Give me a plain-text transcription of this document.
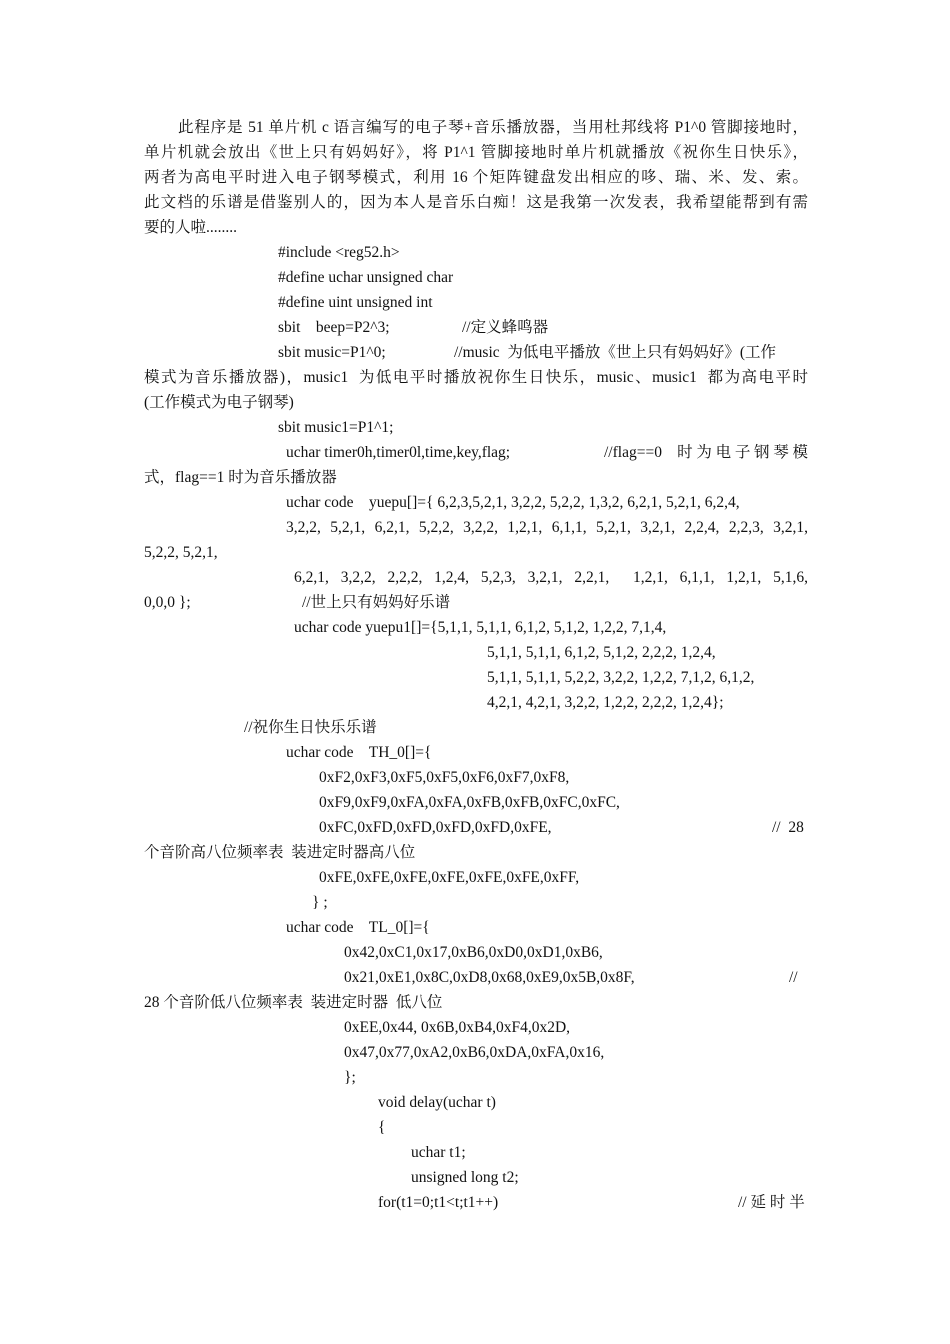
此程序是 51 单片机 c 语言编写的电子琴+音乐播放器，当用杜邦线将 P1^0 管脚接地时，
单片机就会放出《世上只有妈妈好》，将 P1^1 管脚接地时单片机就播放《祝你生日快乐》，
两者为高电平时进入电子钢琴模式，利用 16 个矩阵键盘发出相应的哆、瑞、米、发、索。
此文档的乐谱是借鉴别人的，因为本人是音乐白痴！这是我第一次发表，我希望能帮到有需
要的人啦........
#include <reg52.h>
#define uchar unsigned char
#define uint unsigned int
sbit    beep=P2^3;	//定义蜂鸣器
sbit music=P1^0;	//music  为低电平播放《世上只有妈妈好》(工作
模式为音乐播放器)，music1  为低电平时播放祝你生日快乐，music、music1  都为高电平时
(工作模式为电子钢琴)
sbit music1=P1^1;
uchar timer0h,timer0l,time,key,flag;	//flag==0  时为电子钢琴模
式，flag==1 时为音乐播放器
uchar code    yuepu[]={ 6,2,3,5,2,1, 3,2,2, 5,2,2, 1,3,2, 6,2,1, 5,2,1, 6,2,4,
3,2,2, 5,2,1, 6,2,1, 5,2,2, 3,2,2, 1,2,1, 6,1,1, 5,2,1, 3,2,1, 2,2,4, 2,2,3, 3,2,1,
5,2,2, 5,2,1,
6,2,1,  3,2,2,  2,2,2,  1,2,4,  5,2,3,  3,2,1,  2,2,1,    1,2,1,  6,1,1,  1,2,1,  5,1,6,
0,0,0 };	//世上只有妈妈好乐谱
uchar code yuepu1[]={5,1,1, 5,1,1, 6,1,2, 5,1,2, 1,2,2, 7,1,4,
5,1,1, 5,1,1, 6,1,2, 5,1,2, 2,2,2, 1,2,4,
5,1,1, 5,1,1, 5,2,2, 3,2,2, 1,2,2, 7,1,2, 6,1,2,
4,2,1, 4,2,1, 3,2,2, 1,2,2, 2,2,2, 1,2,4};
//祝你生日快乐乐谱
uchar code    TH_0[]={
0xF2,0xF3,0xF5,0xF5,0xF6,0xF7,0xF8,
0xF9,0xF9,0xFA,0xFA,0xFB,0xFB,0xFC,0xFC,
0xFC,0xFD,0xFD,0xFD,0xFD,0xFE,	//  28
个音阶高八位频率表  装进定时器高八位
0xFE,0xFE,0xFE,0xFE,0xFE,0xFE,0xFF,
} ;
uchar code    TL_0[]={
0x42,0xC1,0x17,0xB6,0xD0,0xD1,0xB6,
0x21,0xE1,0x8C,0xD8,0x68,0xE9,0x5B,0x8F,	//
28 个音阶低八位频率表  装进定时器  低八位
0xEE,0x44, 0x6B,0xB4,0xF4,0x2D,
0x47,0x77,0xA2,0xB6,0xDA,0xFA,0x16,
};
void delay(uchar t)
{
uchar t1;
unsigned long t2;
for(t1=0;t1<t;t1++)	// 延 时 半
